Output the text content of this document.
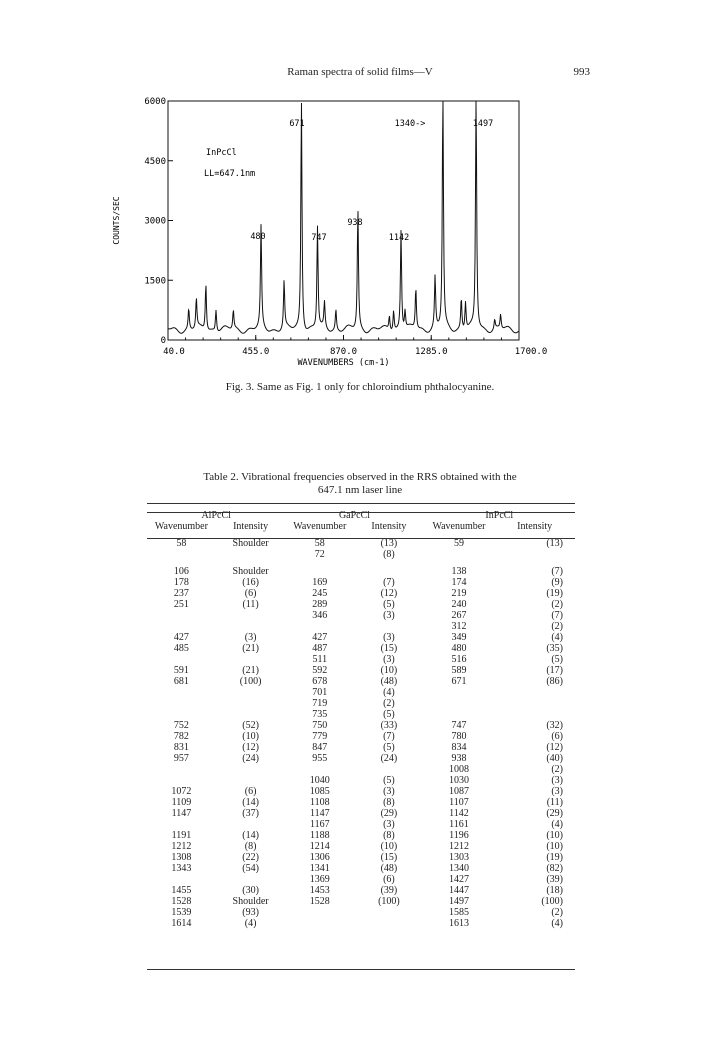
Raman spectra of solid films—V	993
40.0	455.0	870.0	1285.0	1700.0
0
1500
3000
4500
6000
WAVENUMBERS (cm-1)
COUNTS/SEC
InPcCl
LL=647.1nm
480
671
747
938
1142
1340->	1497
Fig. 3. Same as Fig. 1 only for chloroindium phthalocyanine.
Table 2. Vibrational frequencies observed in the RRS obtained with the
647.1 nm laser line
AlPcCl		GaPcCl		InPcCl	
Wavenumber	Intensity	Wavenumber	Intensity	Wavenumber	Intensity

58	Shoulder	58	(13)	59	(13)
		72	(8)		

106	Shoulder			138	(7)
178	(16)	169	(7)	174	(9)
237	(6)	245	(12)	219	(19)
251	(11)	289	(5)	240	(2)
		346	(3)	267	(7)
				312	(2)
427	(3)	427	(3)	349	(4)
485	(21)	487	(15)	480	(35)
		511	(3)	516	(5)
591	(21)	592	(10)	589	(17)
681	(100)	678	(48)	671	(86)
		701	(4)		
		719	(2)		
		735	(5)		
752	(52)	750	(33)	747	(32)
782	(10)	779	(7)	780	(6)
831	(12)	847	(5)	834	(12)
957	(24)	955	(24)	938	(40)
				1008	(2)
		1040	(5)	1030	(3)
1072	(6)	1085	(3)	1087	(3)
1109	(14)	1108	(8)	1107	(11)
1147	(37)	1147	(29)	1142	(29)
		1167	(3)	1161	(4)
1191	(14)	1188	(8)	1196	(10)
1212	(8)	1214	(10)	1212	(10)
1308	(22)	1306	(15)	1303	(19)
1343	(54)	1341	(48)	1340	(82)
		1369	(6)	1427	(39)
1455	(30)	1453	(39)	1447	(18)
1528	Shoulder	1528	(100)	1497	(100)
1539	(93)			1585	(2)
1614	(4)			1613	(4)
